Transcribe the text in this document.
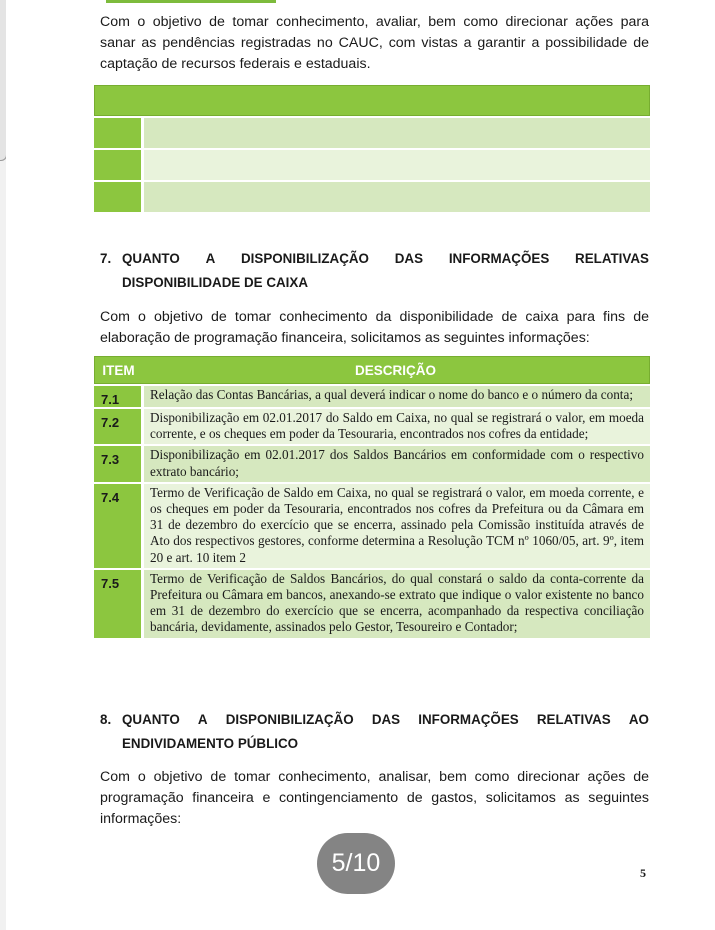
Com o objetivo de tomar conhecimento, avaliar, bem como direcionar ações para sanar as pendências registradas no CAUC, com vistas a garantir a possibilidade de captação de recursos federais e estaduais.

7. QUANTO A DISPONIBILIZAÇÃO DAS INFORMAÇÕES RELATIVAS
DISPONIBILIDADE DE CAIXA

Com o objetivo de tomar conhecimento da disponibilidade de caixa para fins de elaboração de programação financeira, solicitamos as seguintes informações:

ITEM	DESCRIÇÃO
7.1	Relação das Contas Bancárias, a qual deverá indicar o nome do banco e o número da conta;
7.2	Disponibilização em 02.01.2017 do Saldo em Caixa, no qual se registrará o valor, em moeda corrente, e os cheques em poder da Tesouraria, encontrados nos cofres da entidade;
7.3	Disponibilização em 02.01.2017 dos Saldos Bancários em conformidade com o respectivo extrato bancário;
7.4	Termo de Verificação de Saldo em Caixa, no qual se registrará o valor, em moeda corrente, e os cheques em poder da Tesouraria, encontrados nos cofres da Prefeitura ou da Câmara em 31 de dezembro do exercício que se encerra, assinado pela Comissão instituída através de Ato dos respectivos gestores, conforme determina a Resolução TCM nº 1060/05, art. 9º, item 20 e art. 10 item 2
7.5	Termo de Verificação de Saldos Bancários, do qual constará o saldo da conta-corrente da Prefeitura ou Câmara em bancos, anexando-se extrato que indique o valor existente no banco em 31 de dezembro do exercício que se encerra, acompanhado da respectiva conciliação bancária, devidamente, assinados pelo Gestor, Tesoureiro e Contador;
8. QUANTO A DISPONIBILIZAÇÃO DAS INFORMAÇÕES RELATIVAS AO
ENDIVIDAMENTO PÚBLICO

Com o objetivo de tomar conhecimento, analisar, bem como direcionar ações de programação financeira e contingenciamento de gastos, solicitamos as seguintes informações:

5/10	5
